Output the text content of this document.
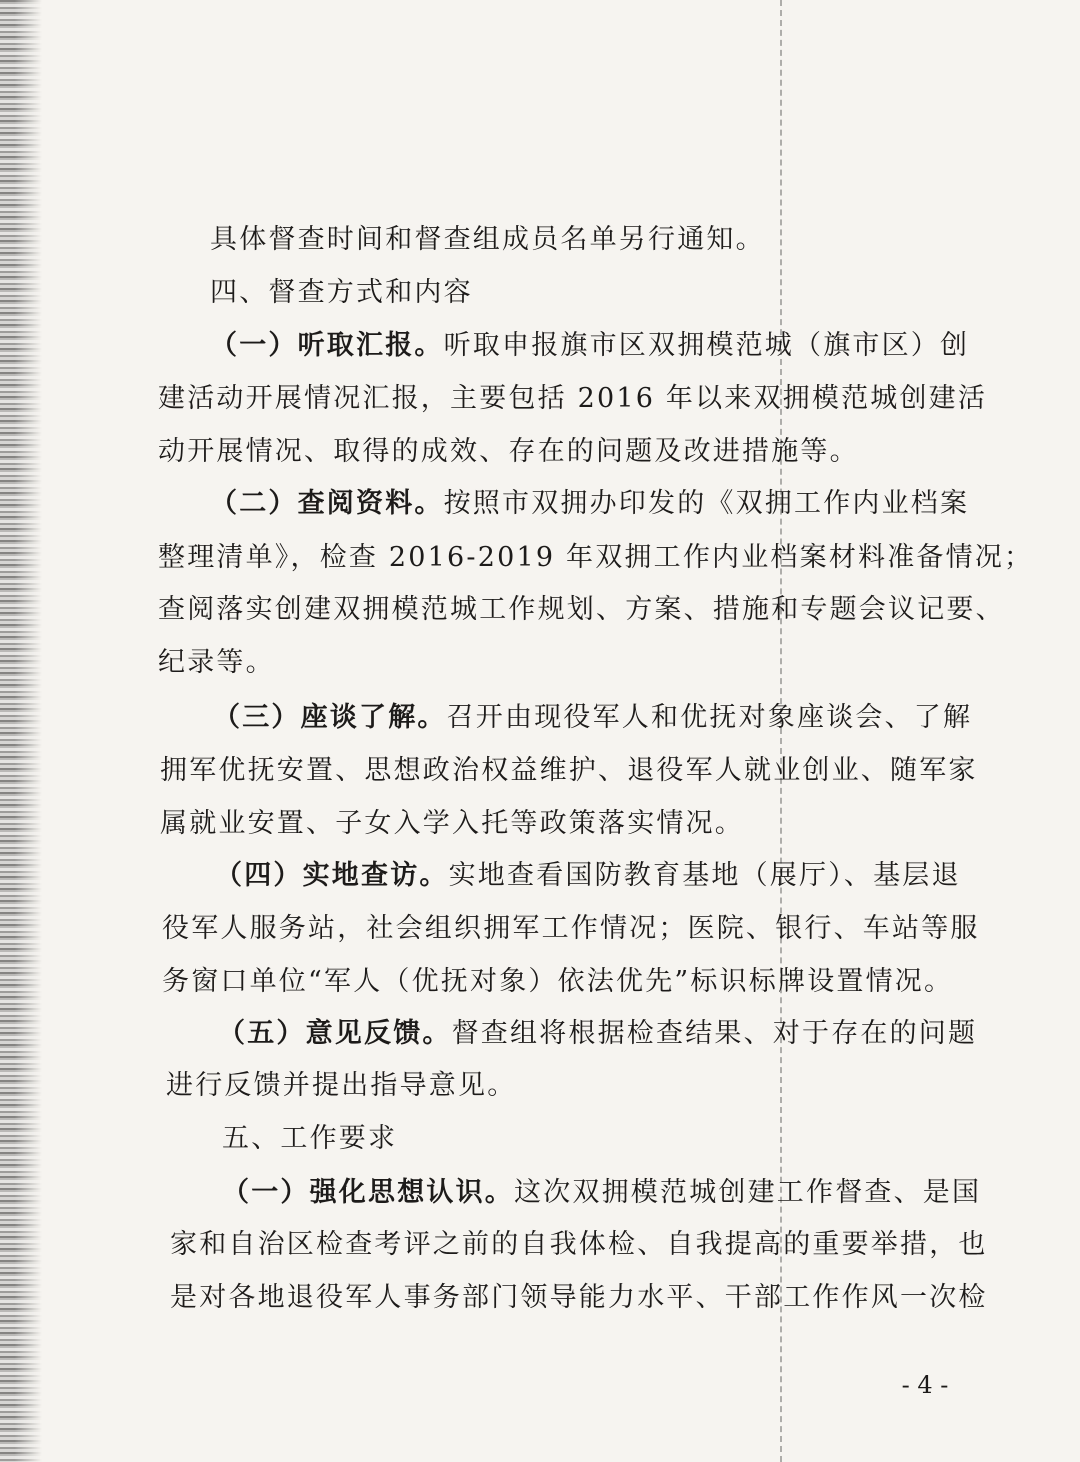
具体督查时间和督查组成员名单另行通知。
四、督查方式和内容
（一）听取汇报。听取申报旗市区双拥模范城（旗市区）创
建活动开展情况汇报，主要包括 2016 年以来双拥模范城创建活
动开展情况、取得的成效、存在的问题及改进措施等。
（二）查阅资料。按照市双拥办印发的《双拥工作内业档案
整理清单》，检查 2016-2019 年双拥工作内业档案材料准备情况；
查阅落实创建双拥模范城工作规划、方案、措施和专题会议记要、
纪录等。
（三）座谈了解。召开由现役军人和优抚对象座谈会、了解
拥军优抚安置、思想政治权益维护、退役军人就业创业、随军家
属就业安置、子女入学入托等政策落实情况。
（四）实地查访。实地查看国防教育基地（展厅）、基层退
役军人服务站，社会组织拥军工作情况；医院、银行、车站等服
务窗口单位“军人（优抚对象）依法优先”标识标牌设置情况。
（五）意见反馈。督查组将根据检查结果、对于存在的问题
进行反馈并提出指导意见。
五、工作要求
（一）强化思想认识。这次双拥模范城创建工作督查、是国
家和自治区检查考评之前的自我体检、自我提高的重要举措，也
是对各地退役军人事务部门领导能力水平、干部工作作风一次检
- 4 -
